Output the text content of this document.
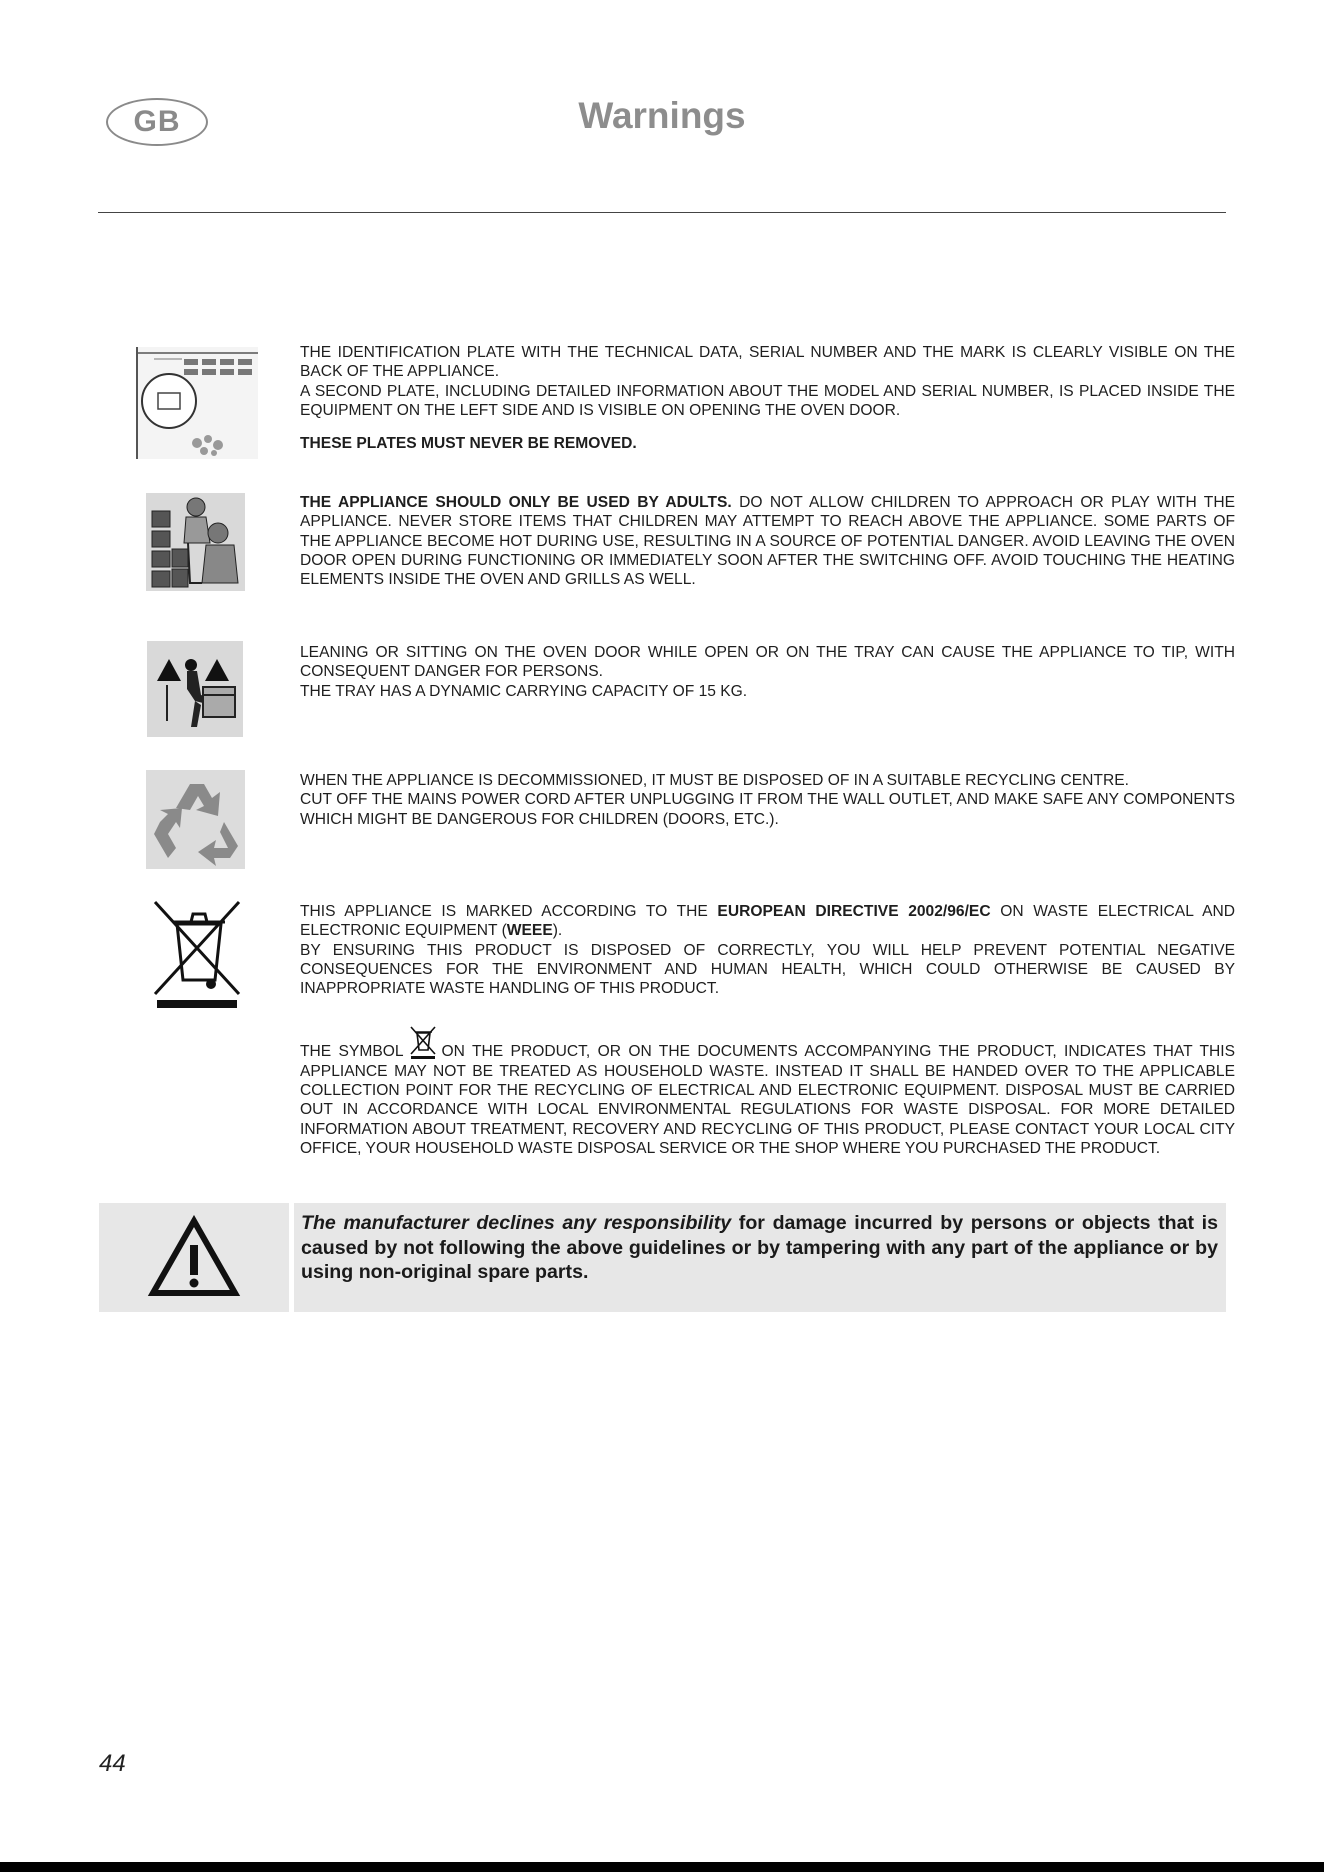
GB	Warnings

THE IDENTIFICATION PLATE WITH THE TECHNICAL DATA, SERIAL NUMBER AND THE MARK IS CLEARLY VISIBLE ON THE BACK OF THE APPLIANCE.

A SECOND PLATE, INCLUDING DETAILED INFORMATION ABOUT THE MODEL AND SERIAL NUMBER, IS PLACED INSIDE THE EQUIPMENT ON THE LEFT SIDE AND IS VISIBLE ON OPENING THE OVEN DOOR.

THESE PLATES MUST NEVER BE REMOVED.

THE APPLIANCE SHOULD ONLY BE USED BY ADULTS. DO NOT ALLOW CHILDREN TO APPROACH OR PLAY WITH THE APPLIANCE. NEVER STORE ITEMS THAT CHILDREN MAY ATTEMPT TO REACH ABOVE THE APPLIANCE. SOME PARTS OF THE APPLIANCE BECOME HOT DURING USE, RESULTING IN A SOURCE OF POTENTIAL DANGER. AVOID LEAVING THE OVEN DOOR OPEN DURING FUNCTIONING OR IMMEDIATELY SOON AFTER THE SWITCHING OFF. AVOID TOUCHING THE HEATING ELEMENTS INSIDE THE OVEN AND GRILLS AS WELL.

LEANING OR SITTING ON THE OVEN DOOR WHILE OPEN OR ON THE TRAY CAN CAUSE THE APPLIANCE TO TIP, WITH CONSEQUENT DANGER FOR PERSONS.

THE TRAY HAS A DYNAMIC CARRYING CAPACITY OF 15 KG.

WHEN THE APPLIANCE IS DECOMMISSIONED, IT MUST BE DISPOSED OF IN A SUITABLE RECYCLING CENTRE.

CUT OFF THE MAINS POWER CORD AFTER UNPLUGGING IT FROM THE WALL OUTLET, AND MAKE SAFE ANY COMPONENTS WHICH MIGHT BE DANGEROUS FOR CHILDREN (DOORS, ETC.).

THIS APPLIANCE IS MARKED ACCORDING TO THE EUROPEAN DIRECTIVE 2002/96/EC ON WASTE ELECTRICAL AND ELECTRONIC EQUIPMENT (WEEE).

BY ENSURING THIS PRODUCT IS DISPOSED OF CORRECTLY, YOU WILL HELP PREVENT POTENTIAL NEGATIVE CONSEQUENCES FOR THE ENVIRONMENT AND HUMAN HEALTH, WHICH COULD OTHERWISE BE CAUSED BY INAPPROPRIATE WASTE HANDLING OF THIS PRODUCT.

THE SYMBOL ON THE PRODUCT, OR ON THE DOCUMENTS ACCOMPANYING THE PRODUCT, INDICATES THAT THIS APPLIANCE MAY NOT BE TREATED AS HOUSEHOLD WASTE. INSTEAD IT SHALL BE HANDED OVER TO THE APPLICABLE COLLECTION POINT FOR THE RECYCLING OF ELECTRICAL AND ELECTRONIC EQUIPMENT. DISPOSAL MUST BE CARRIED OUT IN ACCORDANCE WITH LOCAL ENVIRONMENTAL REGULATIONS FOR WASTE DISPOSAL. FOR MORE DETAILED INFORMATION ABOUT TREATMENT, RECOVERY AND RECYCLING OF THIS PRODUCT, PLEASE CONTACT YOUR LOCAL CITY OFFICE, YOUR HOUSEHOLD WASTE DISPOSAL SERVICE OR THE SHOP WHERE YOU PURCHASED THE PRODUCT.

The manufacturer declines any responsibility for damage incurred by persons or objects that is caused by not following the above guidelines or by tampering with any part of the appliance or by using non-original spare parts.
44
